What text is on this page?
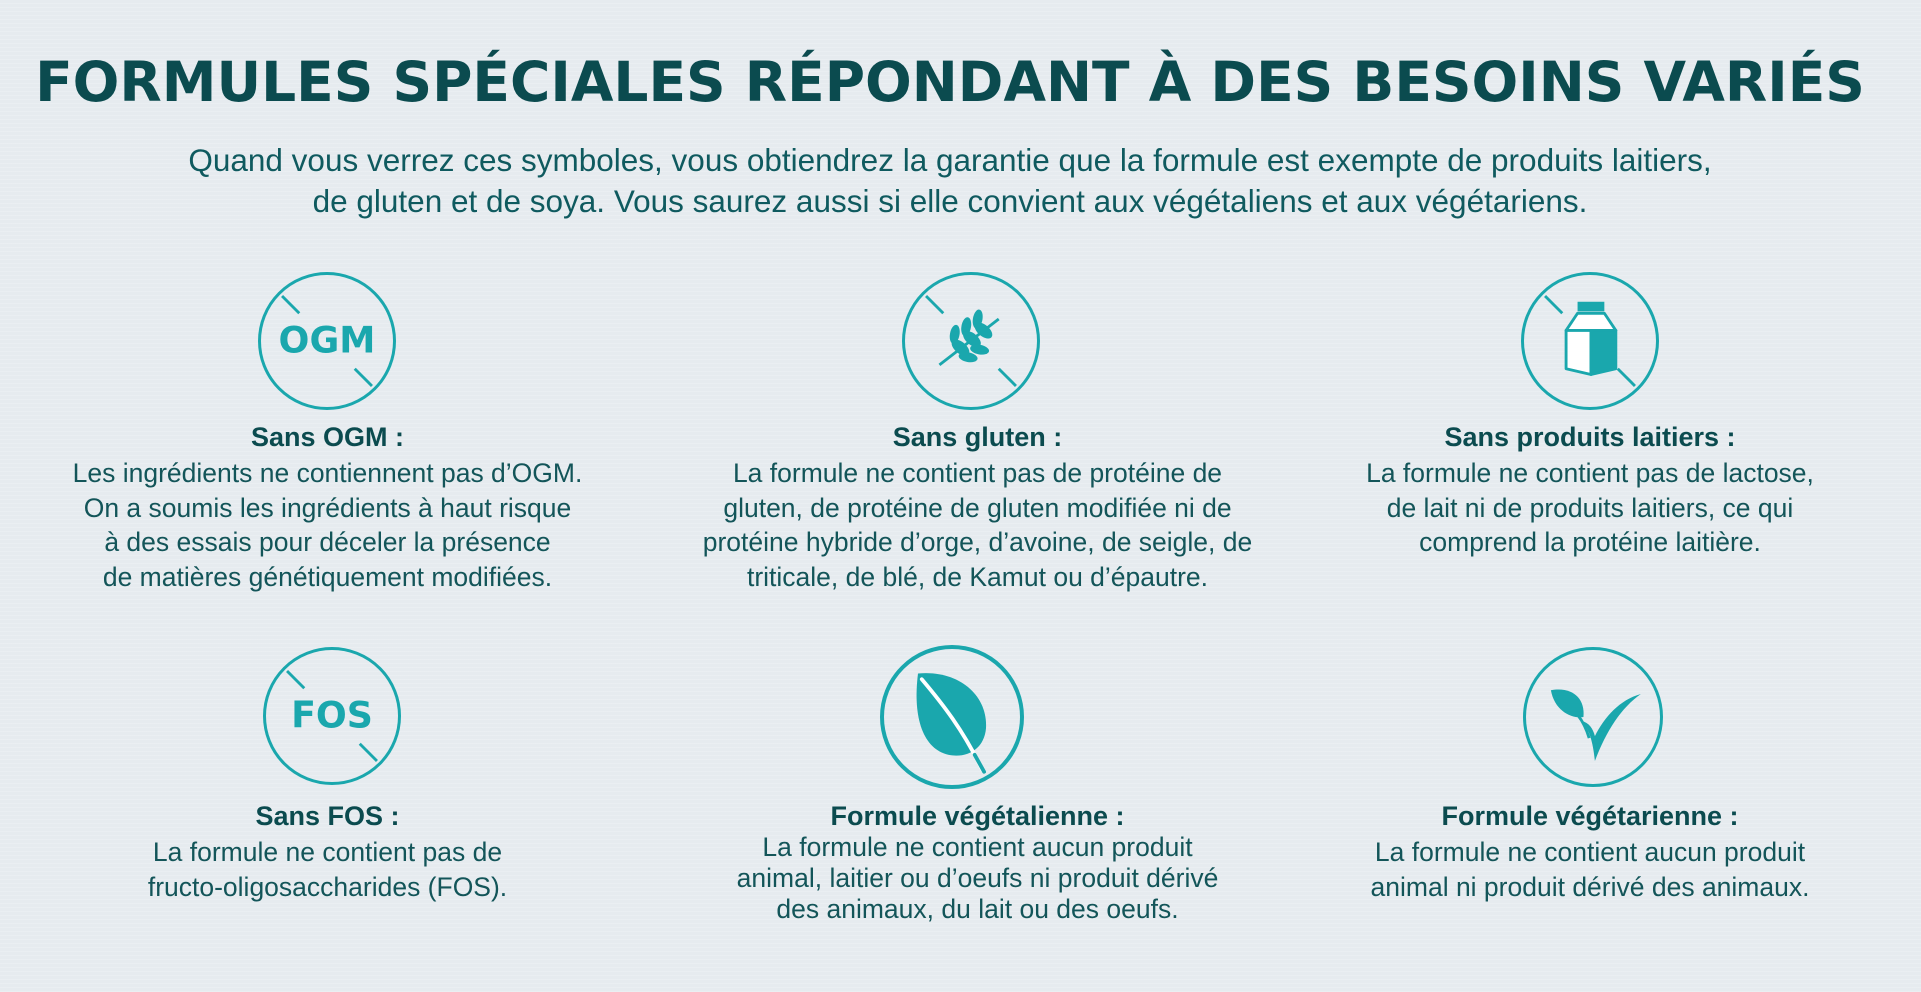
FORMULES SPÉCIALES RÉPONDANT À DES BESOINS VARIÉS

Quand vous verrez ces symboles, vous obtiendrez la garantie que la formule est exempte de produits laitiers,
de gluten et de soya. Vous saurez aussi si elle convient aux végétaliens et aux végétariens.

OGM

Sans OGM :

Les ingrédients ne contiennent pas d’OGM.
On a soumis les ingrédients à haut risque
à des essais pour déceler la présence
de matières génétiquement modifiées.

Sans gluten :

La formule ne contient pas de protéine de
gluten, de protéine de gluten modifiée ni de
protéine hybride d’orge, d’avoine, de seigle, de
triticale, de blé, de Kamut ou d’épautre.

Sans produits laitiers :

La formule ne contient pas de lactose,
de lait ni de produits laitiers, ce qui
comprend la protéine laitière.

FOS

Sans FOS :

La formule ne contient pas de
fructo-oligosaccharides (FOS).

Formule végétalienne :

La formule ne contient aucun produit
animal, laitier ou d’oeufs ni produit dérivé
des animaux, du lait ou des oeufs.

Formule végétarienne :

La formule ne contient aucun produit
animal ni produit dérivé des animaux.
